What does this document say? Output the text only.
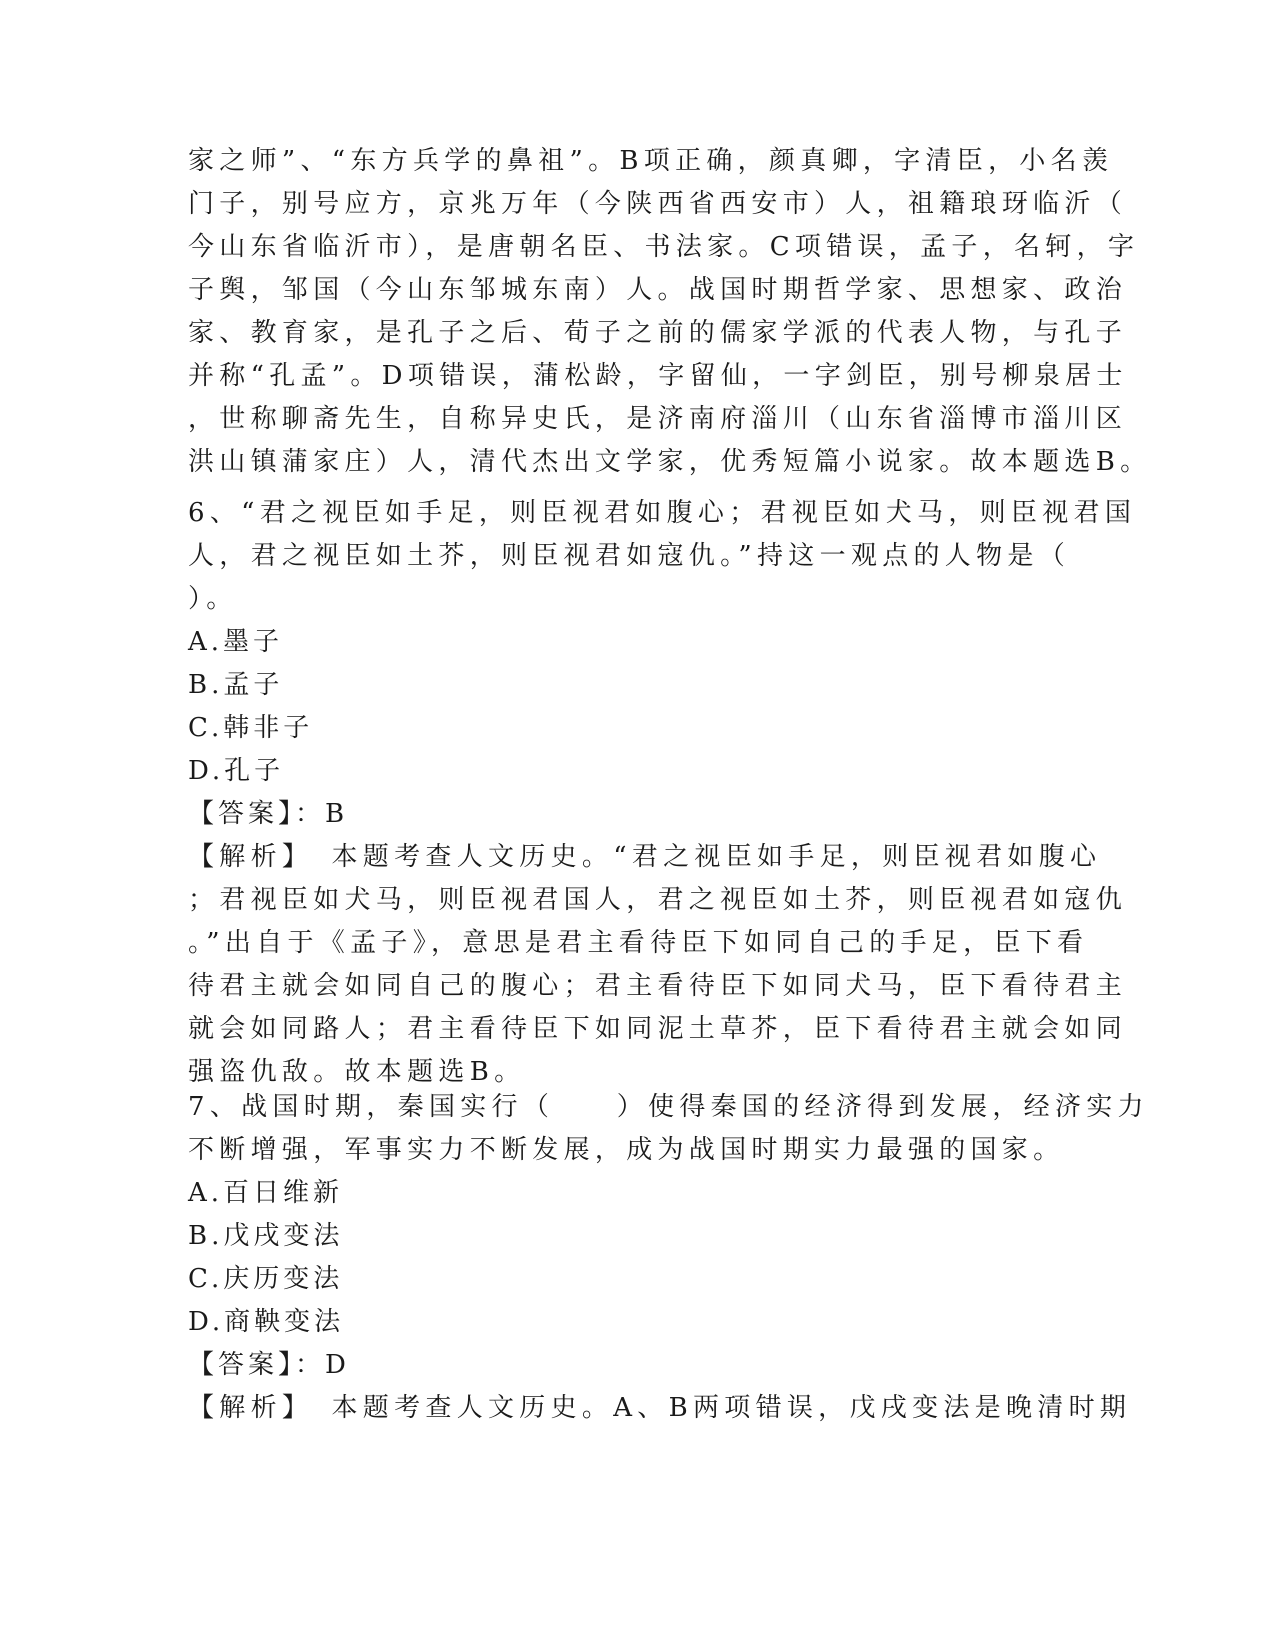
家之师”、“东方兵学的鼻祖”。B项正确，颜真卿，字清臣，小名羡
门子，别号应方，京兆万年（今陕西省西安市）人，祖籍琅玡临沂（
今山东省临沂市），是唐朝名臣、书法家。C项错误，孟子，名轲，字
子舆，邹国（今山东邹城东南）人。战国时期哲学家、思想家、政治
家、教育家，是孔子之后、荀子之前的儒家学派的代表人物，与孔子
并称“孔孟”。D项错误，蒲松龄，字留仙，一字剑臣，别号柳泉居士
，世称聊斋先生，自称异史氏，是济南府淄川（山东省淄博市淄川区
洪山镇蒲家庄）人，清代杰出文学家，优秀短篇小说家。故本题选B。
6、“君之视臣如手足，则臣视君如腹心；君视臣如犬马，则臣视君国
人，君之视臣如土芥，则臣视君如寇仇。”持这一观点的人物是（
）。
A.墨子
B.孟子
C.韩非子
D.孔子
【答案】：B
【解析】　本题考查人文历史。“君之视臣如手足，则臣视君如腹心
；君视臣如犬马，则臣视君国人，君之视臣如土芥，则臣视君如寇仇
。”出自于《孟子》，意思是君主看待臣下如同自己的手足，臣下看
待君主就会如同自己的腹心；君主看待臣下如同犬马，臣下看待君主
就会如同路人；君主看待臣下如同泥土草芥，臣下看待君主就会如同
强盗仇敌。故本题选B。
7、战国时期，秦国实行（　　）使得秦国的经济得到发展，经济实力
不断增强，军事实力不断发展，成为战国时期实力最强的国家。
A.百日维新
B.戊戌变法
C.庆历变法
D.商鞅变法
【答案】：D
【解析】　本题考查人文历史。A、B两项错误，戊戌变法是晚清时期
